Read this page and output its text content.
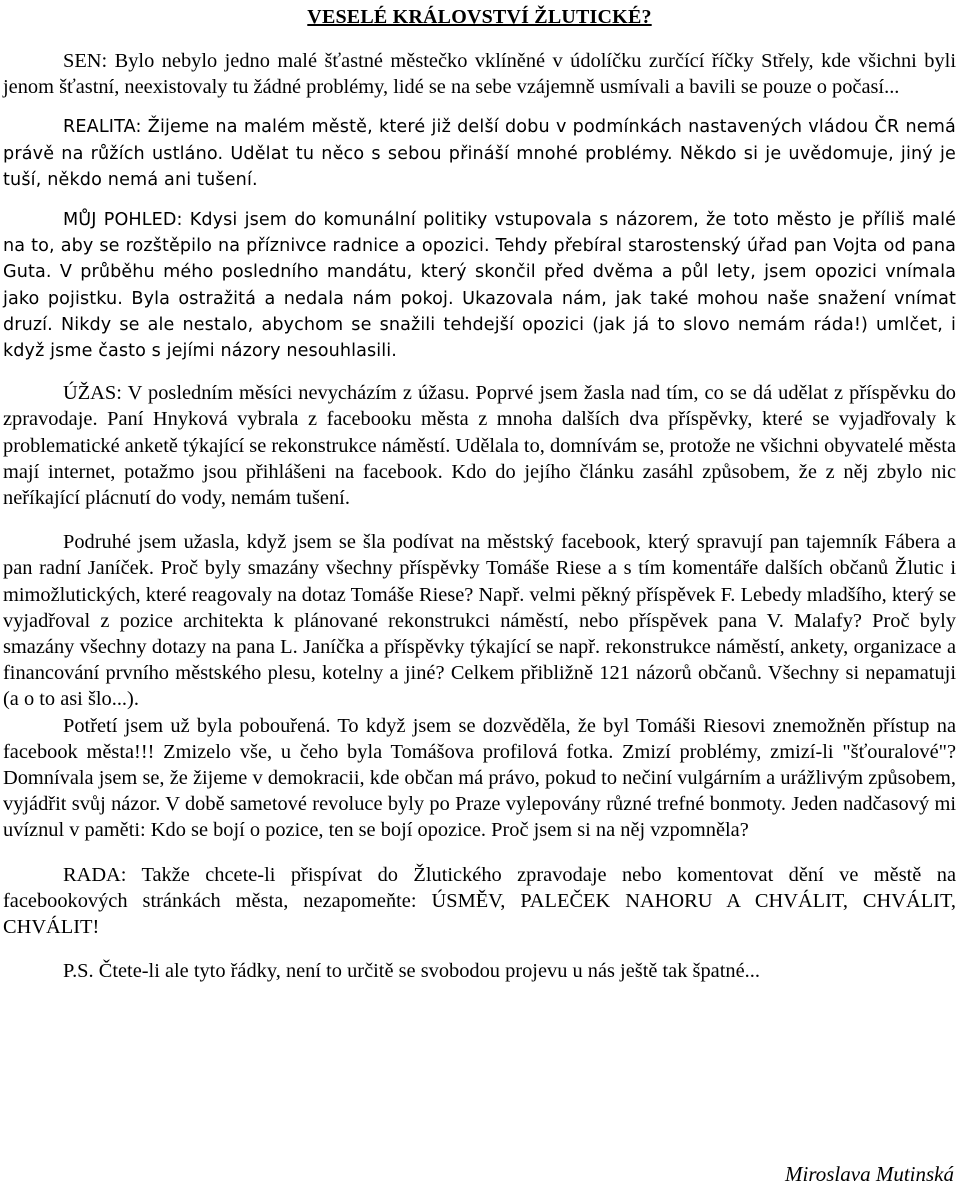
VESELÉ KRÁLOVSTVÍ ŽLUTICKÉ?

SEN: Bylo nebylo jedno malé šťastné městečko vklíněné v údolíčku zurčící říčky Střely, kde všichni byli jenom šťastní, neexistovaly tu žádné problémy, lidé se na sebe vzájemně usmívali a bavili se pouze o počasí...

REALITA: Žijeme na malém městě, které již delší dobu v podmínkách nastavených vládou ČR nemá právě na růžích ustláno. Udělat tu něco s sebou přináší mnohé problémy. Někdo si je uvědomuje, jiný je tuší, někdo nemá ani tušení.

MŮJ POHLED: Kdysi jsem do komunální politiky vstupovala s názorem, že toto město je příliš malé na to, aby se rozštěpilo na příznivce radnice a opozici. Tehdy přebíral starostenský úřad pan Vojta od pana Guta. V průběhu mého posledního mandátu, který skončil před dvěma a půl lety, jsem opozici vnímala jako pojistku. Byla ostražitá a nedala nám pokoj. Ukazovala nám, jak také mohou naše snažení vnímat druzí. Nikdy se ale nestalo, abychom se snažili tehdejší opozici (jak já to slovo nemám ráda!) umlčet, i když jsme často s jejími názory nesouhlasili.

ÚŽAS: V posledním měsíci nevycházím z úžasu. Poprvé jsem žasla nad tím, co se dá udělat z příspěvku do zpravodaje. Paní Hnyková vybrala z facebooku města z mnoha dalších dva příspěvky, které se vyjadřovaly k problematické anketě týkající se rekonstrukce náměstí. Udělala to, domnívám se, protože ne všichni obyvatelé města mají internet, potažmo jsou přihlášeni na facebook. Kdo do jejího článku zasáhl způsobem, že z něj zbylo nic neříkající plácnutí do vody, nemám tušení.

Podruhé jsem užasla, když jsem se šla podívat na městský facebook, který spravují pan tajemník Fábera a pan radní Janíček. Proč byly smazány všechny příspěvky Tomáše Riese a s tím komentáře dalších občanů Žlutic i mimožlutických, které reagovaly na dotaz Tomáše Riese? Např. velmi pěkný příspěvek F. Lebedy mladšího, který se vyjadřoval z pozice architekta k plánované rekonstrukci náměstí, nebo příspěvek pana V. Malafy? Proč byly smazány všechny dotazy na pana L. Janíčka a příspěvky týkající se např. rekonstrukce náměstí, ankety, organizace a financování prvního městského plesu, kotelny a jiné? Celkem přibližně 121 názorů občanů. Všechny si nepamatuji (a o to asi šlo...).

Potřetí jsem už byla pobouřená. To když jsem se dozvěděla, že byl Tomáši Riesovi znemožněn přístup na facebook města!!! Zmizelo vše, u čeho byla Tomášova profilová fotka. Zmizí problémy, zmizí-li "šťouralové"? Domnívala jsem se, že žijeme v demokracii, kde občan má právo, pokud to nečiní vulgárním a urážlivým způsobem, vyjádřit svůj názor. V době sametové revoluce byly po Praze vylepovány různé trefné bonmoty. Jeden nadčasový mi uvíznul v paměti: Kdo se bojí o pozice, ten se bojí opozice. Proč jsem si na něj vzpomněla?

RADA: Takže chcete-li přispívat do Žlutického zpravodaje nebo komentovat dění ve městě na facebookových stránkách města, nezapomeňte: ÚSMĚV, PALEČEK NAHORU A CHVÁLIT, CHVÁLIT, CHVÁLIT!

P.S. Čtete-li ale tyto řádky, není to určitě se svobodou projevu u nás ještě tak špatné...

Miroslava Mutinská
